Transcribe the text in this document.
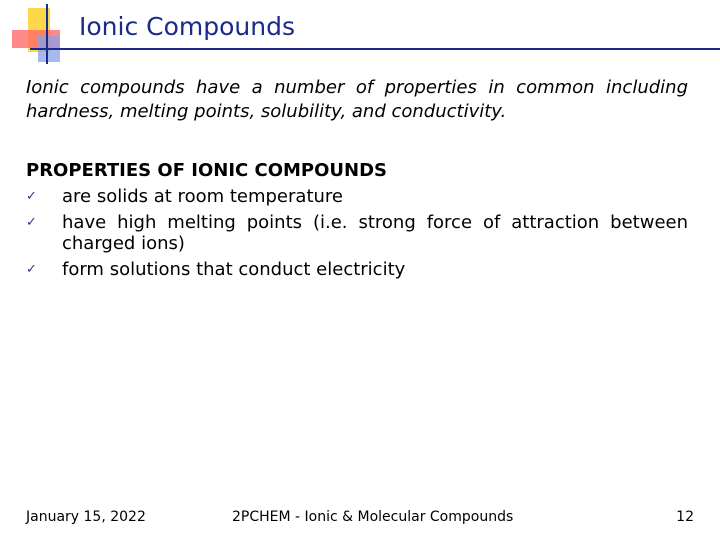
Ionic Compounds
Ionic compounds have a number of properties in common including
hardness, melting points, solubility, and conductivity.
PROPERTIES OF IONIC COMPOUNDS
✓ are solids at room temperature
✓ have high melting points (i.e. strong force of attraction between
charged ions)
✓ form solutions that conduct electricity
January 15, 2022	2PCHEM - Ionic & Molecular Compounds	12
